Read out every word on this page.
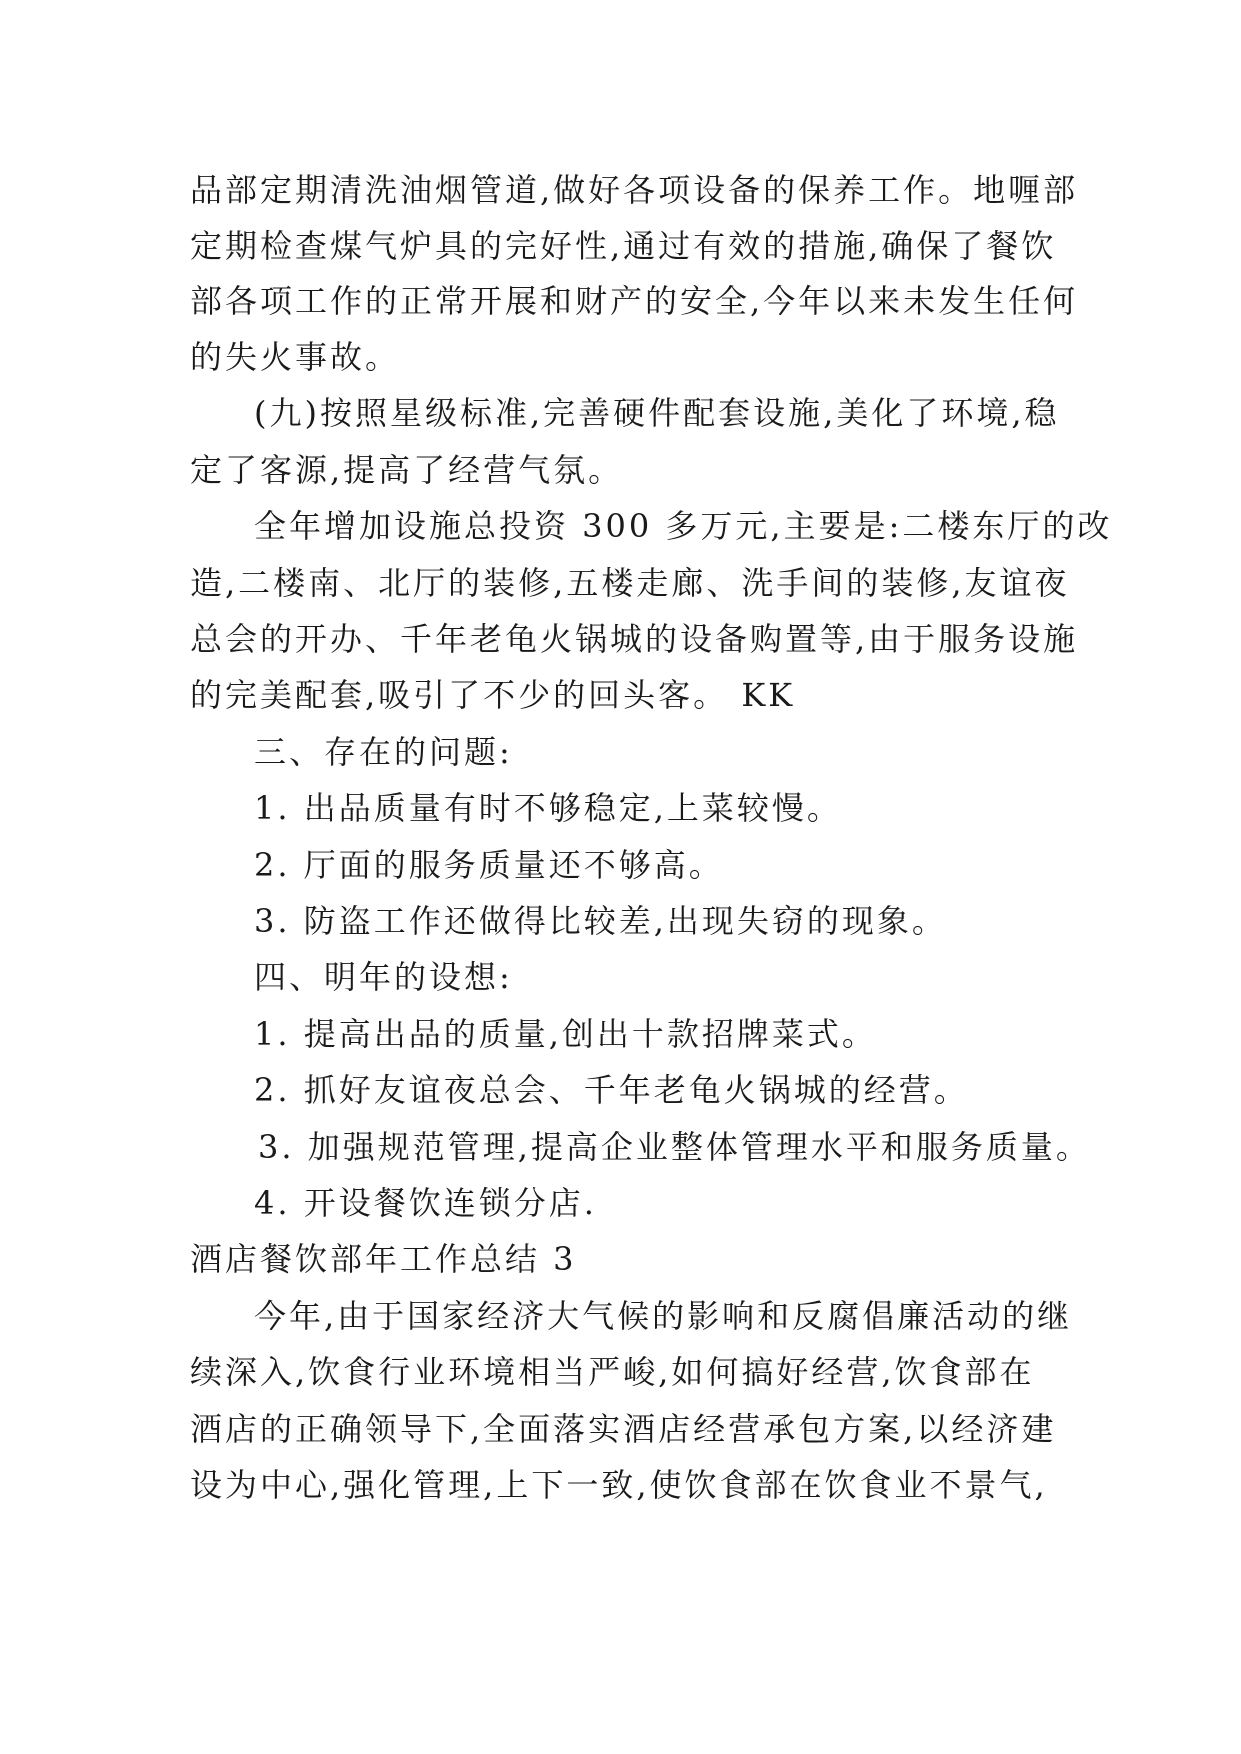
品部定期清洗油烟管道,做好各项设备的保养工作。地喱部
定期检查煤气炉具的完好性,通过有效的措施,确保了餐饮
部各项工作的正常开展和财产的安全,今年以来未发生任何
的失火事故。
(九)按照星级标准,完善硬件配套设施,美化了环境,稳
定了客源,提高了经营气氛。
全年增加设施总投资 300 多万元,主要是:二楼东厅的改
造,二楼南、北厅的装修,五楼走廊、洗手间的装修,友谊夜
总会的开办、千年老龟火锅城的设备购置等,由于服务设施
的完美配套,吸引了不少的回头客。 KK
三、存在的问题:
1. 出品质量有时不够稳定,上菜较慢。
2. 厅面的服务质量还不够高。
3. 防盗工作还做得比较差,出现失窃的现象。
四、明年的设想:
1. 提高出品的质量,创出十款招牌菜式。
2. 抓好友谊夜总会、千年老龟火锅城的经营。
3. 加强规范管理,提高企业整体管理水平和服务质量。
4. 开设餐饮连锁分店.
酒店餐饮部年工作总结 3
今年,由于国家经济大气候的影响和反腐倡廉活动的继
续深入,饮食行业环境相当严峻,如何搞好经营,饮食部在
酒店的正确领导下,全面落实酒店经营承包方案,以经济建
设为中心,强化管理,上下一致,使饮食部在饮食业不景气,
